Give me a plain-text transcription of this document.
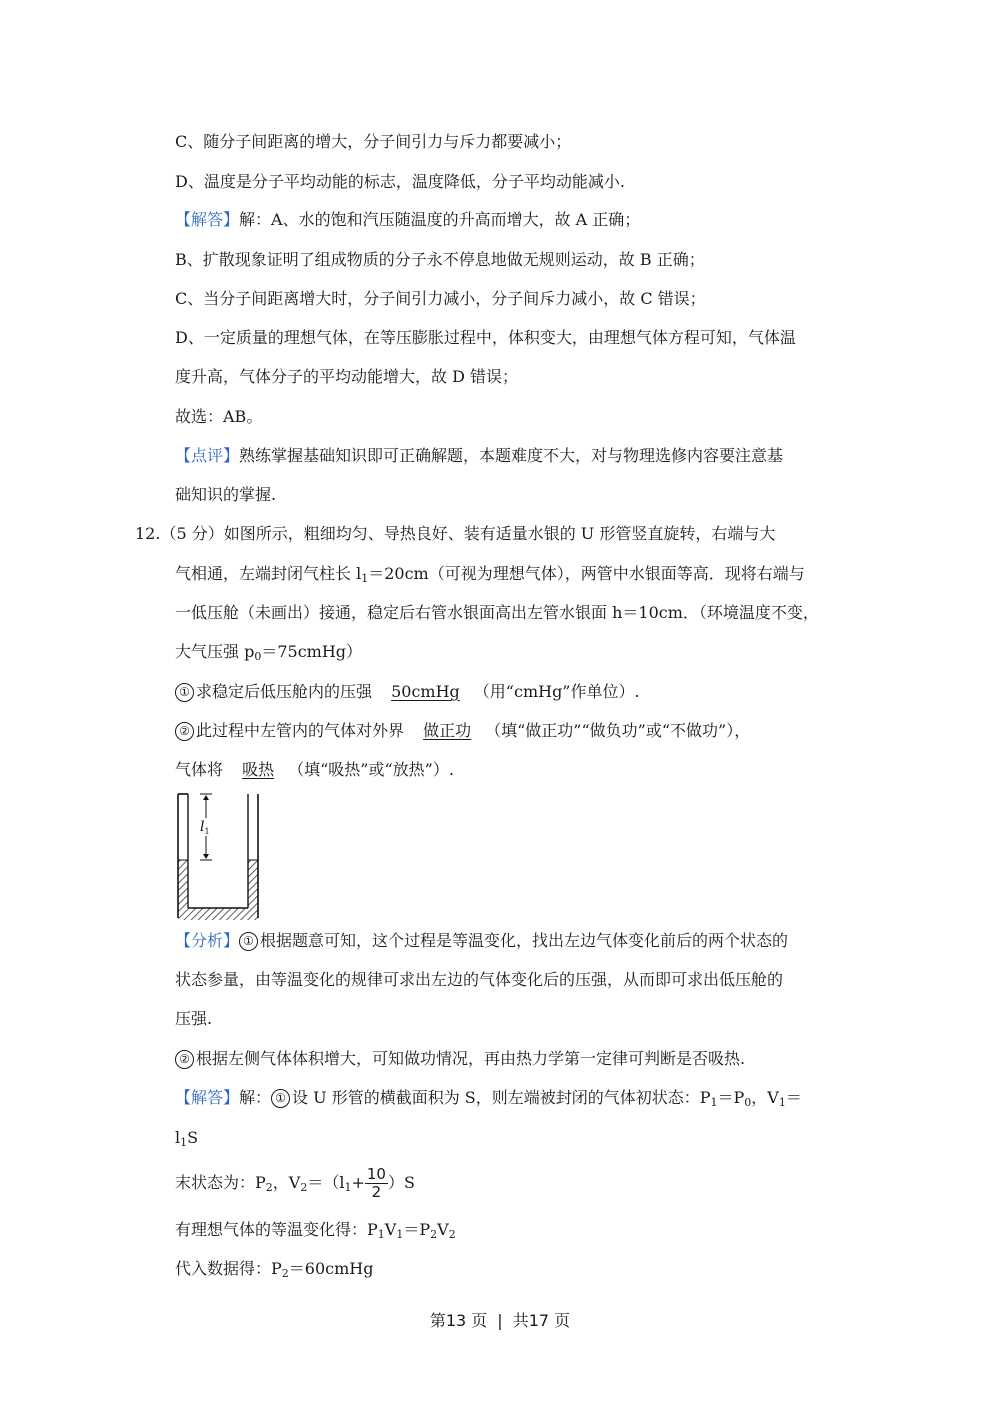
C、随分子间距离的增大，分子间引力与斥力都要减小；
D、温度是分子平均动能的标志，温度降低，分子平均动能减小.
【解答】解：A、水的饱和汽压随温度的升高而增大，故 A 正确；
B、扩散现象证明了组成物质的分子永不停息地做无规则运动，故 B 正确；
C、当分子间距离增大时，分子间引力减小，分子间斥力减小，故 C 错误；
D、一定质量的理想气体，在等压膨胀过程中，体积变大，由理想气体方程可知，气体温
度升高，气体分子的平均动能增大，故 D 错误；
故选：AB。
【点评】熟练掌握基础知识即可正确解题，本题难度不大，对与物理选修内容要注意基
础知识的掌握.
12.（5 分）如图所示，粗细均匀、导热良好、装有适量水银的 U 形管竖直旋转，右端与大
气相通，左端封闭气柱长 $l_1=20cm$（可视为理想气体），两管中水银面等高．现将右端与
一低压舱（未画出）接通，稳定后右管水银面高出左管水银面 h＝10cm．（环境温度不变，
大气压强 $p_0=75cmHg$）
① 求稳定后低压舱内的压强 50cmHg （用“cmHg”作单位）.
② 此过程中左管内的气体对外界 做正功 （填“做正功”“做负功”或“不做功”），
气体将 吸热 （填“吸热”或“放热”）.
$l_1$
【分析】 ① 根据题意可知，这个过程是等温变化，找出左边气体变化前后的两个状态的
状态参量，由等温变化的规律可求出左边的气体变化后的压强，从而即可求出低压舱的
压强.
② 根据左侧气体体积增大，可知做功情况，再由热力学第一定律可判断是否吸热.
【解答】解： ① 设 U 形管的横截面积为 S，则左端被封闭的气体初状态：$P_1=P_0$，$V_1=$
$l_1S$
末状态为：$P_2$，$V_2=(l_1+ \frac{10}{2} )S$
有理想气体的等温变化得：$P_1V_1=P_2V_2$
代入数据得：$P_2=60cmHg$
第13 页 | 共17 页
